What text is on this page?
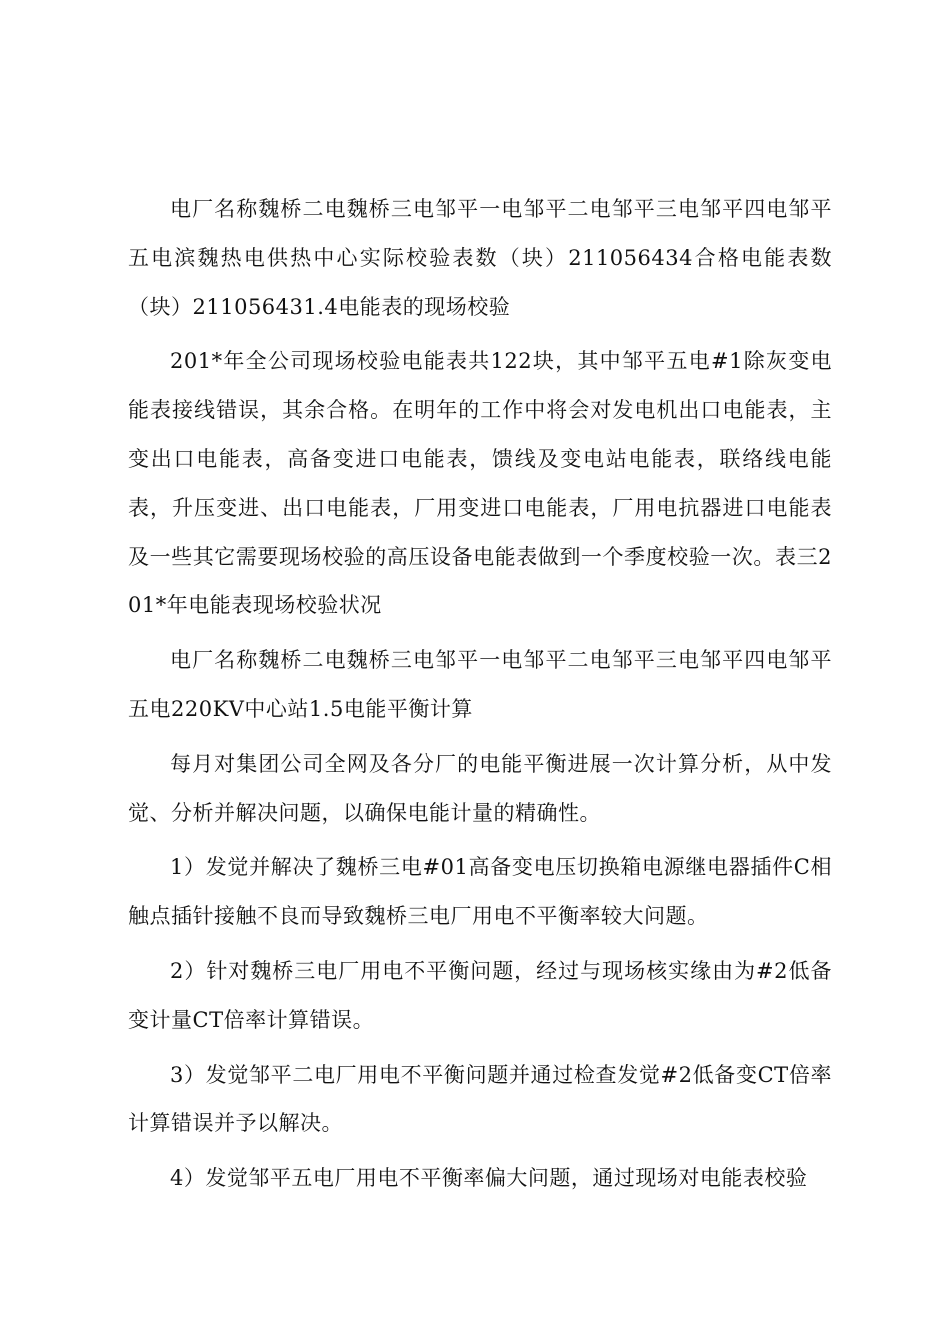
电厂名称魏桥二电魏桥三电邹平一电邹平二电邹平三电邹平四电邹平五电滨魏热电供热中心实际校验表数（块）211056434合格电能表数（块）211056431.4电能表的现场校验

201*年全公司现场校验电能表共122块，其中邹平五电#1除灰变电能表接线错误，其余合格。在明年的工作中将会对发电机出口电能表，主变出口电能表，高备变进口电能表，馈线及变电站电能表，联络线电能表，升压变进、出口电能表，厂用变进口电能表，厂用电抗器进口电能表及一些其它需要现场校验的高压设备电能表做到一个季度校验一次。表三201*年电能表现场校验状况

电厂名称魏桥二电魏桥三电邹平一电邹平二电邹平三电邹平四电邹平五电220KV中心站1.5电能平衡计算

每月对集团公司全网及各分厂的电能平衡进展一次计算分析，从中发觉、分析并解决问题，以确保电能计量的精确性。

1）发觉并解决了魏桥三电#01高备变电压切换箱电源继电器插件C相触点插针接触不良而导致魏桥三电厂用电不平衡率较大问题。

2）针对魏桥三电厂用电不平衡问题，经过与现场核实缘由为#2低备变计量CT倍率计算错误。

3）发觉邹平二电厂用电不平衡问题并通过检查发觉#2低备变CT倍率计算错误并予以解决。

4）发觉邹平五电厂用电不平衡率偏大问题，通过现场对电能表校验
